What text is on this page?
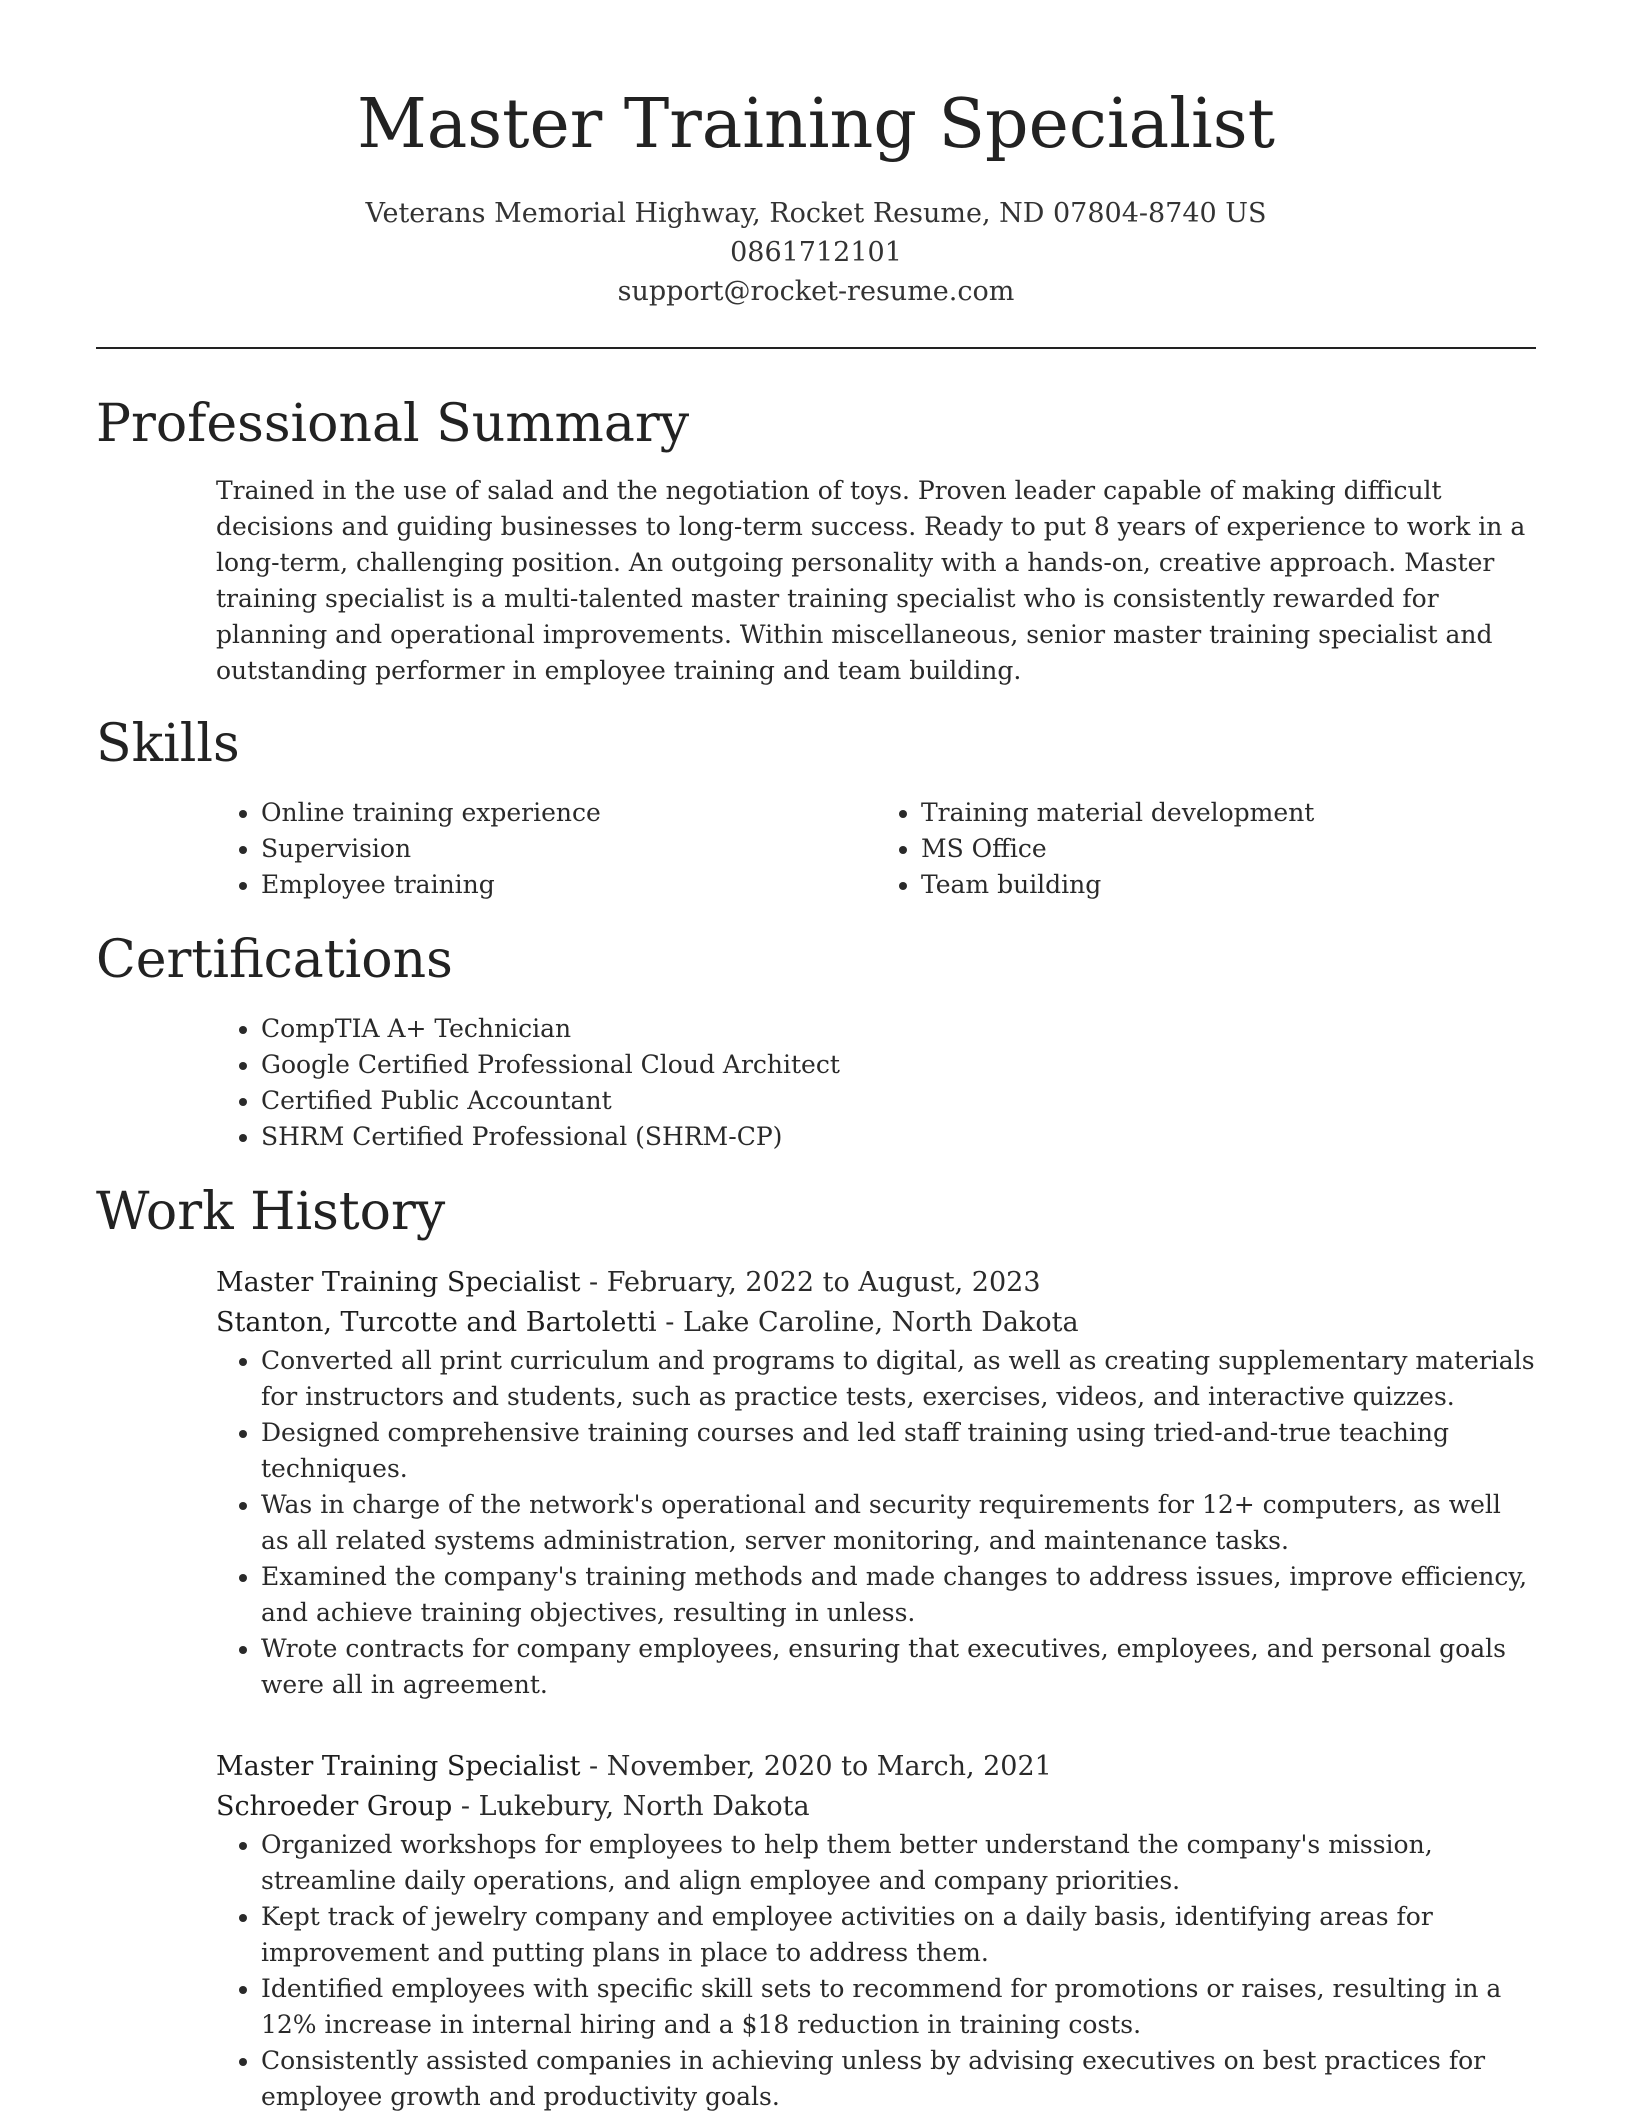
Master Training Specialist
Veterans Memorial Highway, Rocket Resume, ND 07804-8740 US
0861712101
support@rocket-resume.com
Professional Summary
Trained in the use of salad and the negotiation of toys. Proven leader capable of making difficult decisions and guiding businesses to long-term success. Ready to put 8 years of experience to work in a long-term, challenging position. An outgoing personality with a hands-on, creative approach. Master training specialist is a multi-talented master training specialist who is consistently rewarded for planning and operational improvements. Within miscellaneous, senior master training specialist and outstanding performer in employee training and team building.
Skills
• Online training experience
• Supervision
• Employee training
• Training material development
• MS Office
• Team building
Certifications
• CompTIA A+ Technician
• Google Certified Professional Cloud Architect
• Certified Public Accountant
• SHRM Certified Professional (SHRM-CP)
Work History
Master Training Specialist - February, 2022 to August, 2023
Stanton, Turcotte and Bartoletti - Lake Caroline, North Dakota
• Converted all print curriculum and programs to digital, as well as creating supplementary materials for instructors and students, such as practice tests, exercises, videos, and interactive quizzes.
• Designed comprehensive training courses and led staff training using tried-and-true teaching techniques.
• Was in charge of the network's operational and security requirements for 12+ computers, as well as all related systems administration, server monitoring, and maintenance tasks.
• Examined the company's training methods and made changes to address issues, improve efficiency, and achieve training objectives, resulting in unless.
• Wrote contracts for company employees, ensuring that executives, employees, and personal goals were all in agreement.
Master Training Specialist - November, 2020 to March, 2021
Schroeder Group - Lukebury, North Dakota
• Organized workshops for employees to help them better understand the company's mission, streamline daily operations, and align employee and company priorities.
• Kept track of jewelry company and employee activities on a daily basis, identifying areas for improvement and putting plans in place to address them.
• Identified employees with specific skill sets to recommend for promotions or raises, resulting in a 12% increase in internal hiring and a $18 reduction in training costs.
• Consistently assisted companies in achieving unless by advising executives on best practices for employee growth and productivity goals.
